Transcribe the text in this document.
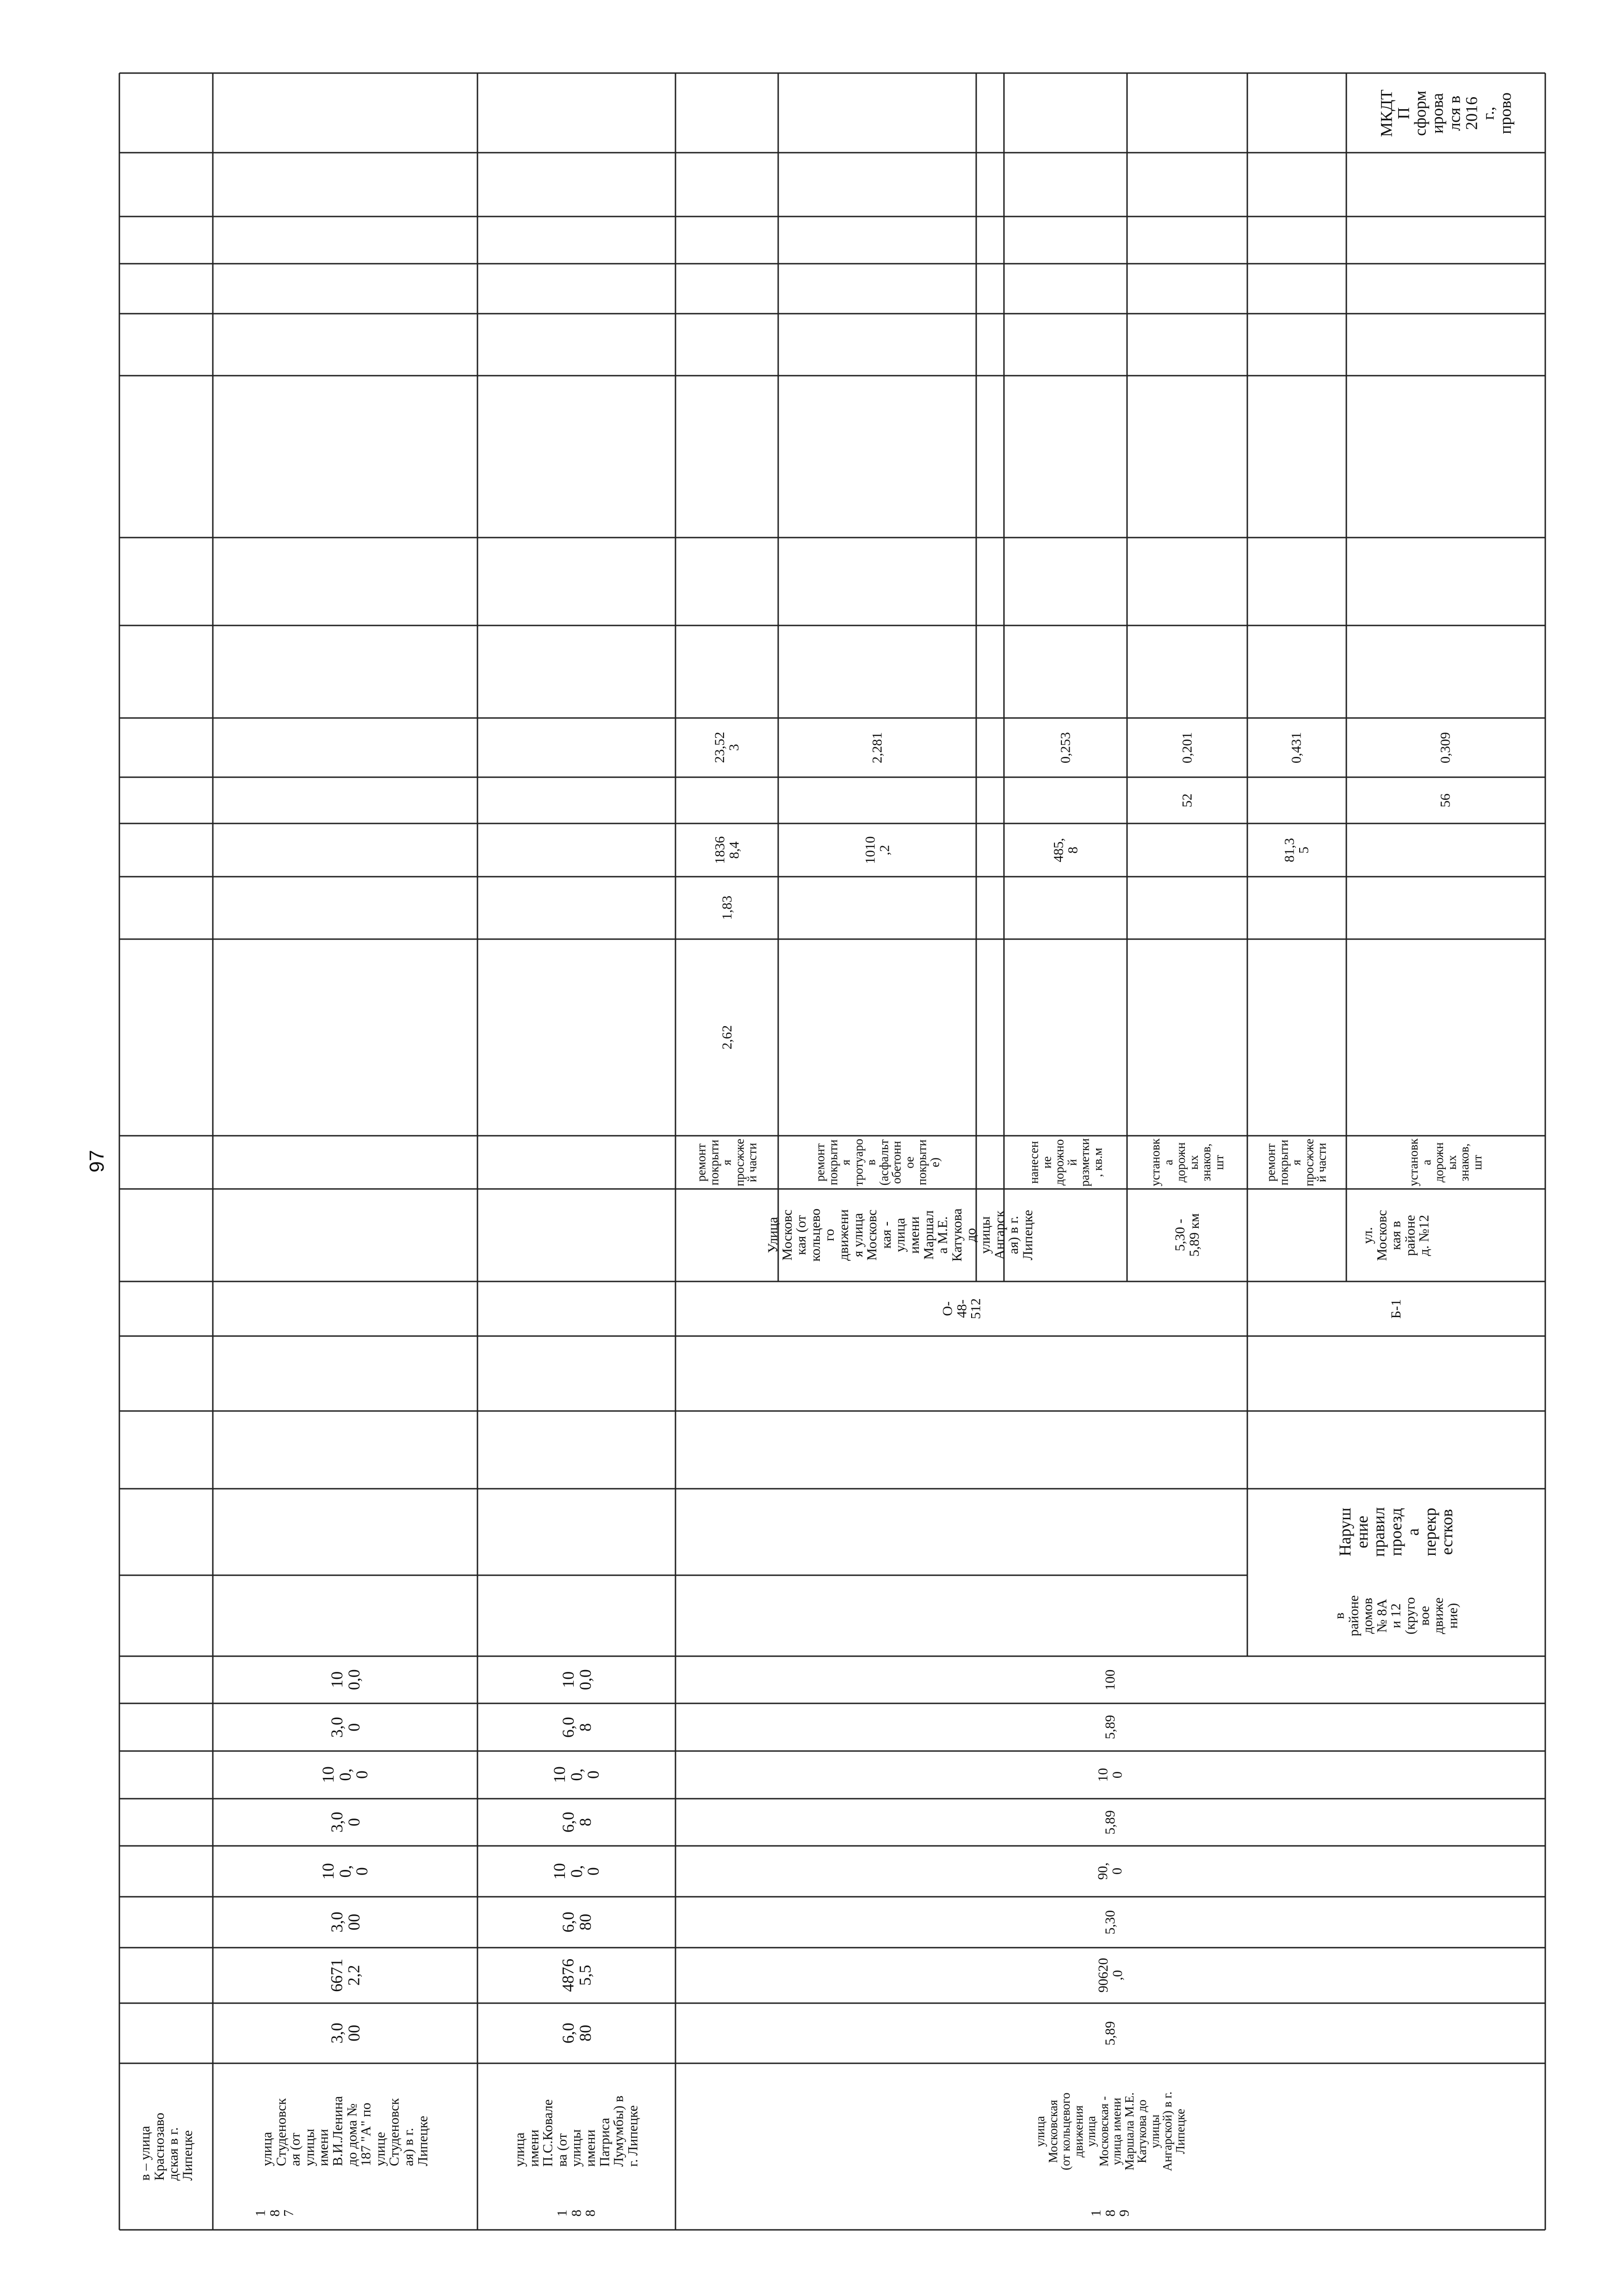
97
в – улица
Краснозаво
дская в г.
Липецке
1
8
7
улица
Студеновск
ая (от
улицы
имени
В.И.Ленина
до дома №
187 "А" по
улице
Студеновск
ая) в г.
Липецке
3,0
00
6671
2,2
3,0
00
10
0,
0
3,0
0
10
0,
0
3,0
0
10
0,0
1
8
8
улица
имени
П.С.Ковале
ва (от
улицы
имени
Патриса
Лумумбы) в
г. Липецке
6,0
80
4876
5,5
6,0
80
10
0,
0
6,0
8
10
0,
0
6,0
8
10
0,0
1
8
9
улица
Московская
(от кольцевого
движения
улица
Московская -
улица имени
Маршала М.Е.
Катукова до
улицы
Ангарской) в г.
Липецке
5,89
90620
,0
5,30
90,
0
5,89
10
0
5,89
100
О-
48-
512
Улица
Московс
кая (от
кольцево
го
движени
я улица
Московс
кая -
улица
имени
Маршал
а М.Е.
Катукова
до
улицы
Ангарск
ая) в г.
Липецке	5,30 -
5,89 км
ремонт
покрыти
я
просжже
й части
2,62
1,83
1836
8,4
23,52
3
ремонт
покрыти
я
тротуаро
в
(асфальт
обетонн
ое
покрыти
е)
1010
,2
2,281
нанесен
ие
дорожно
й
разметки
, кв.м
485,
8
0,253
установк
а
дорожн
ых
знаков,
шт
52
0,201
в
районе
домов
№ 8А
и 12
(круго
вое
движе
ние)
Наруш
ение
правил
проезд
а
перекр
естков
Б-1
ул.
Московс
кая в
районе
д. №12
ремонт
покрыти
я
просжже
й части
81,3
5
0,431
установк
а
дорожн
ых
знаков,
шт
56
0,309
МКДТ
П
сформ
ирова
лся в
2016
г.,
прово
